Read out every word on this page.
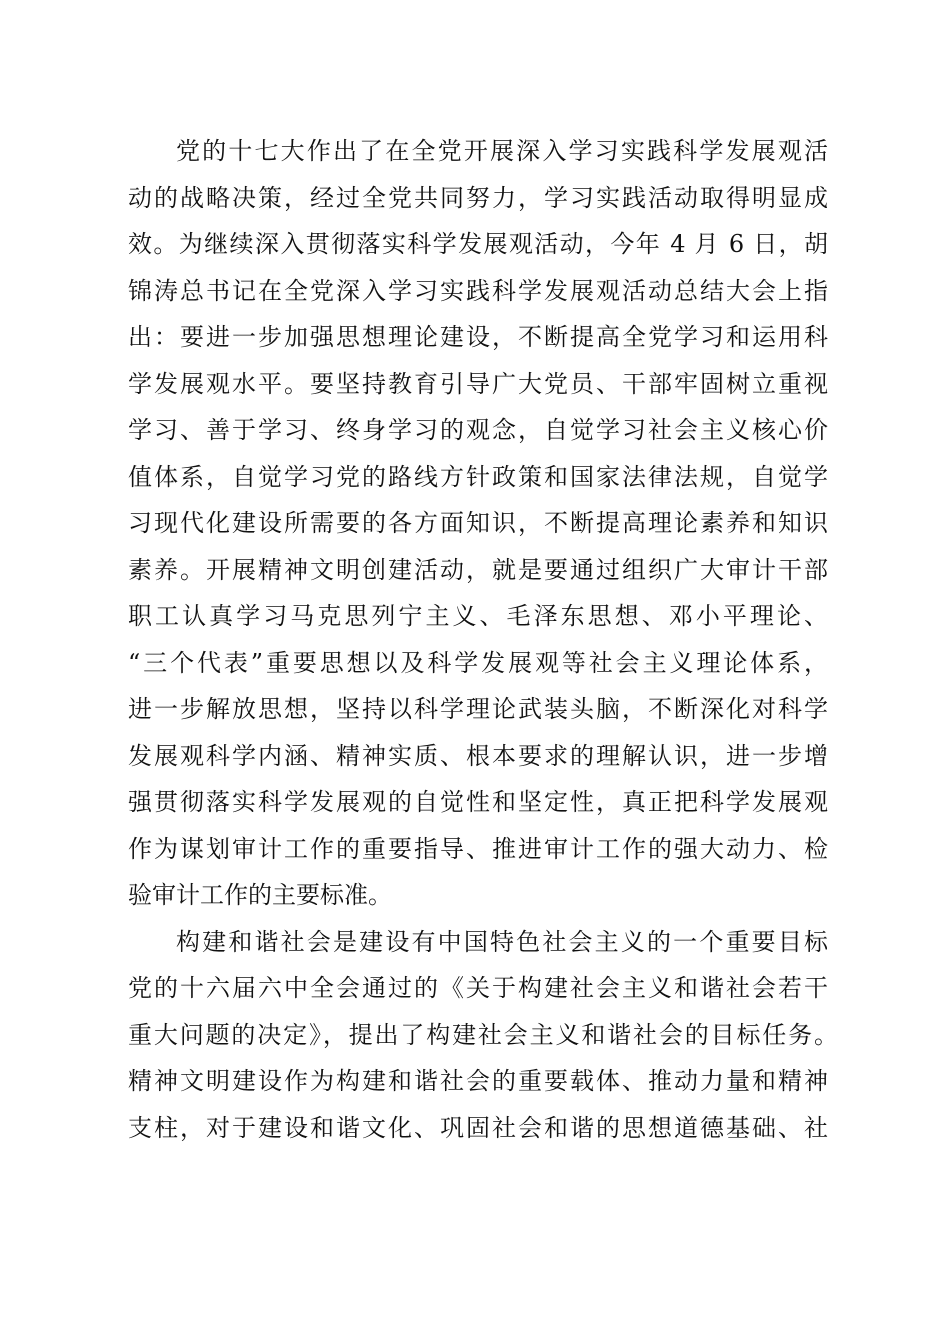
党的十七大作出了在全党开展深入学习实践科学发展观活
动的战略决策，经过全党共同努力，学习实践活动取得明显成
效。为继续深入贯彻落实科学发展观活动，今年 4 月 6 日，胡
锦涛总书记在全党深入学习实践科学发展观活动总结大会上指
出：要进一步加强思想理论建设，不断提高全党学习和运用科
学发展观水平。要坚持教育引导广大党员、干部牢固树立重视
学习、善于学习、终身学习的观念，自觉学习社会主义核心价
值体系，自觉学习党的路线方针政策和国家法律法规，自觉学
习现代化建设所需要的各方面知识，不断提高理论素养和知识
素养。开展精神文明创建活动，就是要通过组织广大审计干部
职工认真学习马克思列宁主义、毛泽东思想、邓小平理论、
“三个代表”重要思想以及科学发展观等社会主义理论体系，
进一步解放思想，坚持以科学理论武装头脑，不断深化对科学
发展观科学内涵、精神实质、根本要求的理解认识，进一步增
强贯彻落实科学发展观的自觉性和坚定性，真正把科学发展观
作为谋划审计工作的重要指导、推进审计工作的强大动力、检
验审计工作的主要标准。
构建和谐社会是建设有中国特色社会主义的一个重要目标
党的十六届六中全会通过的《关于构建社会主义和谐社会若干
重大问题的决定》，提出了构建社会主义和谐社会的目标任务。
精神文明建设作为构建和谐社会的重要载体、推动力量和精神
支柱，对于建设和谐文化、巩固社会和谐的思想道德基础、社
